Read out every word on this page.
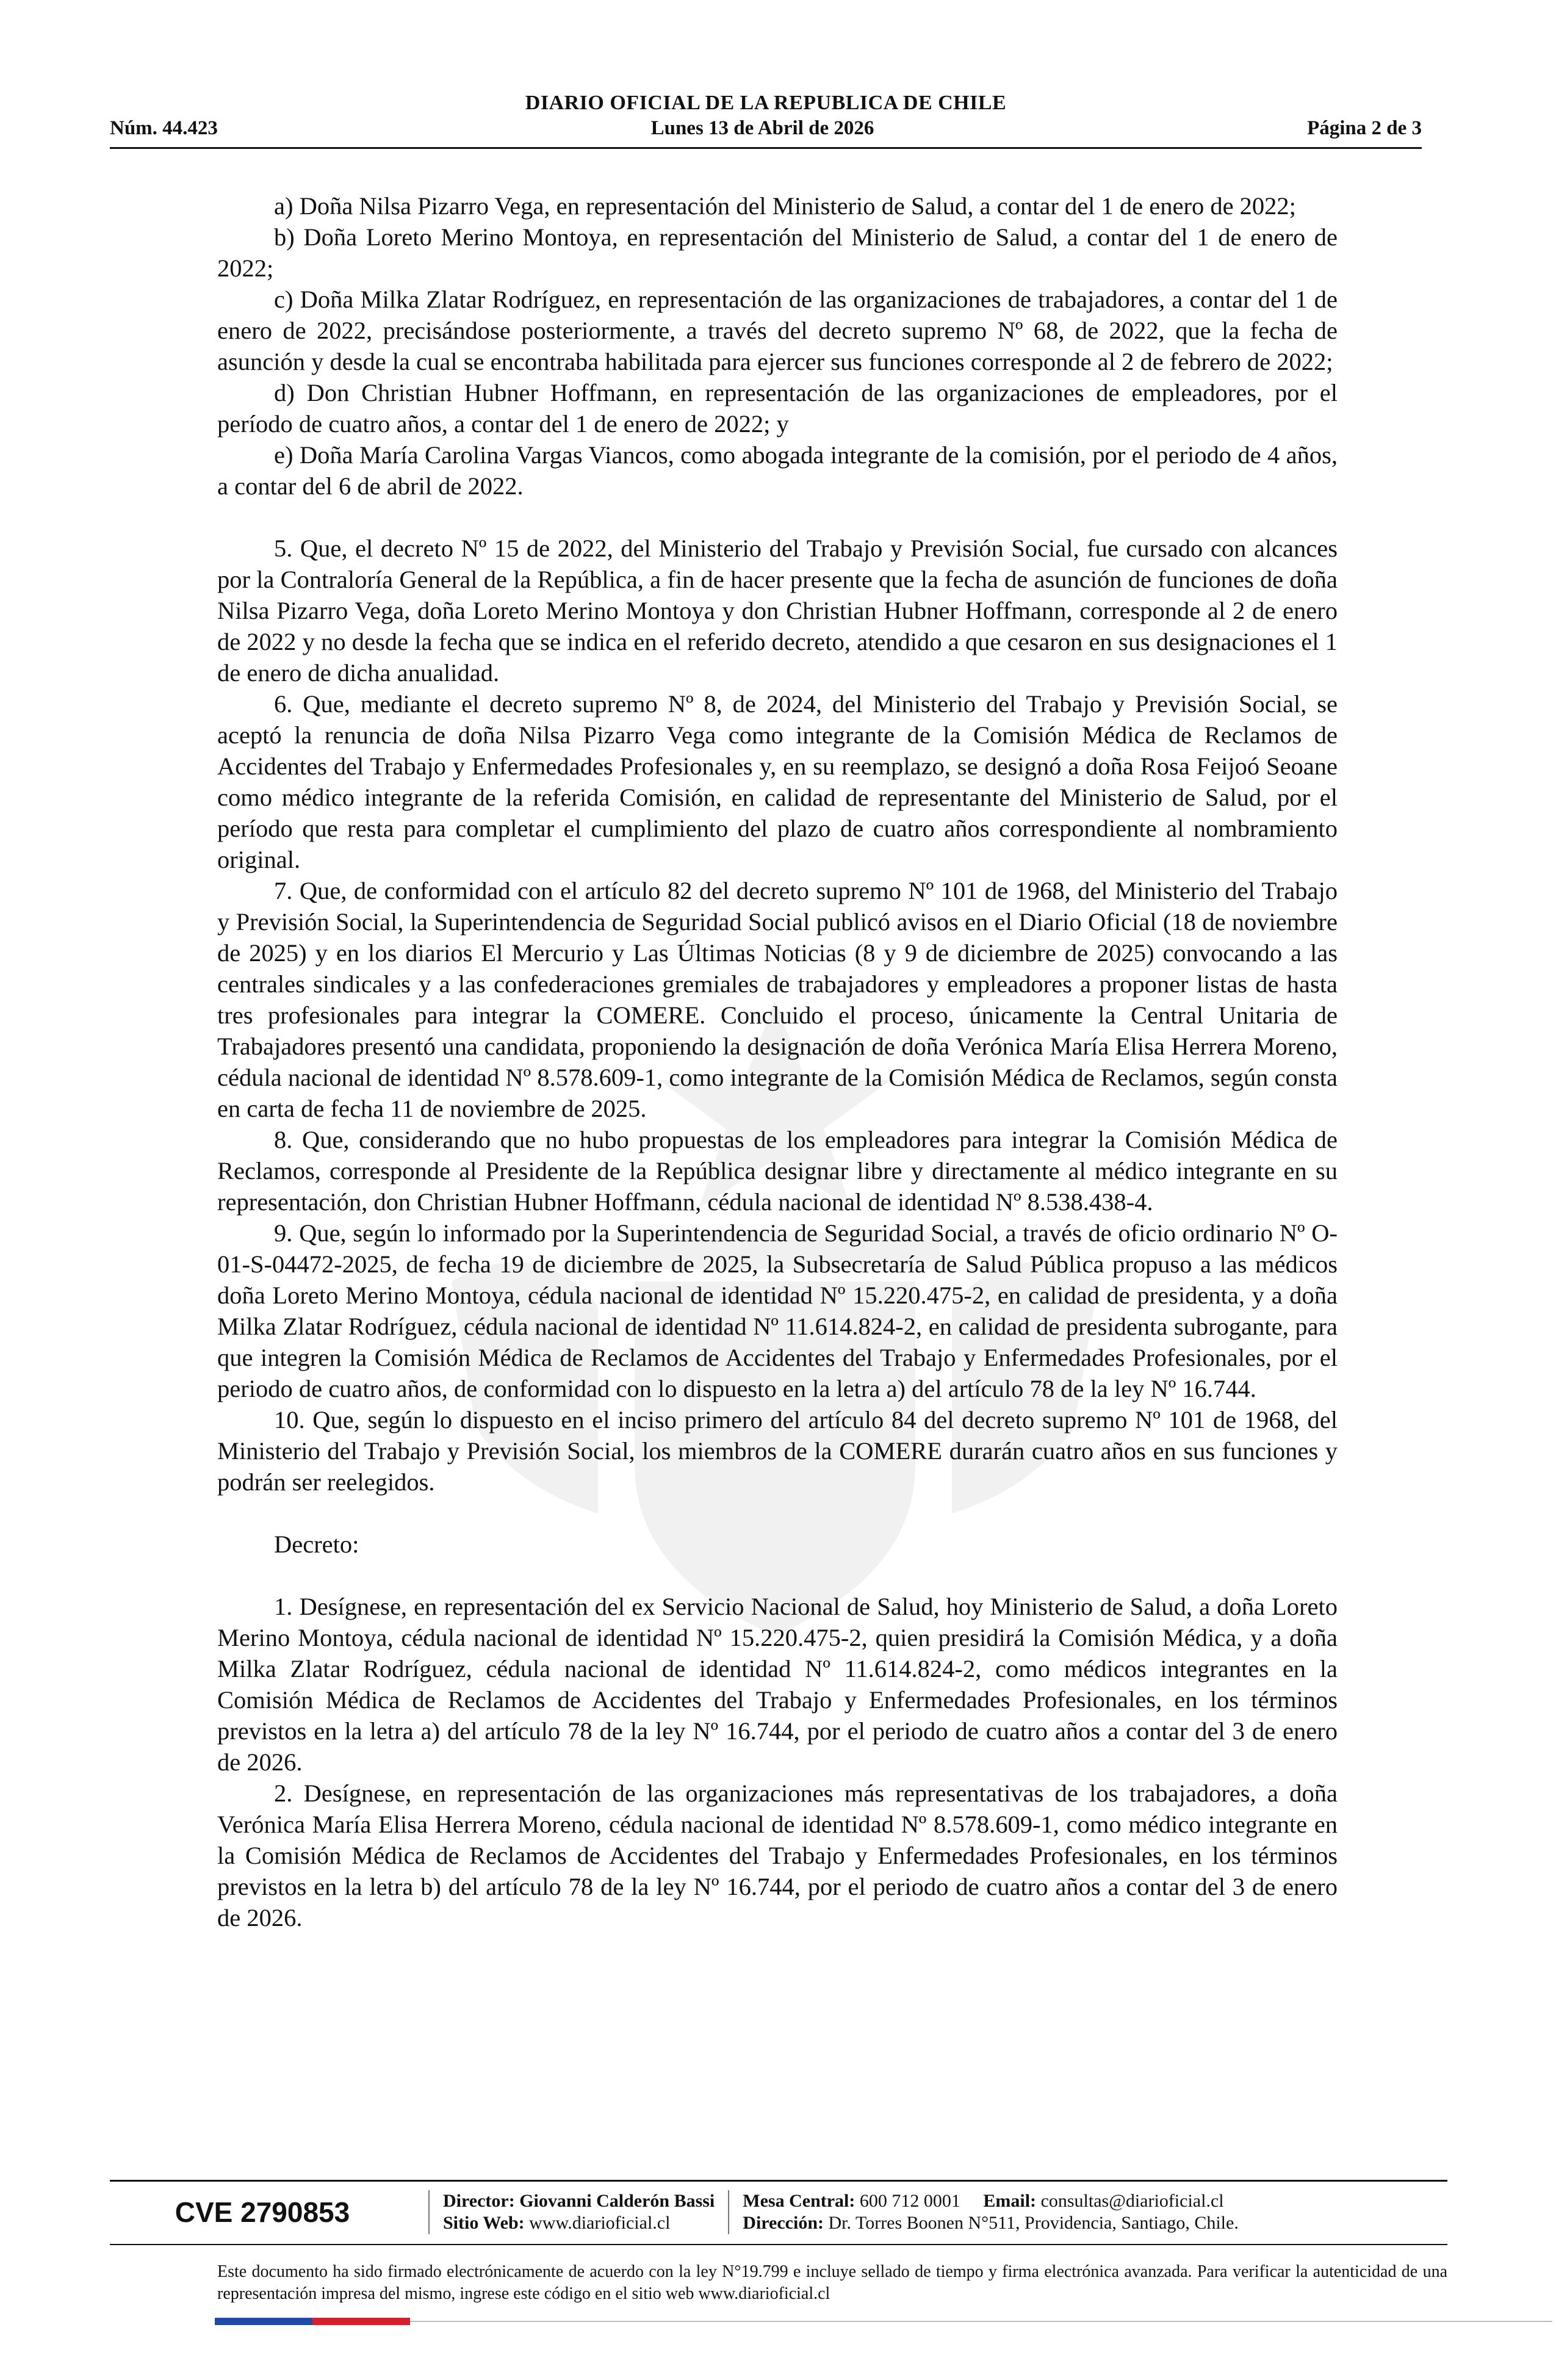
DIARIO OFICIAL DE LA REPUBLICA DE CHILE
Núm. 44.423	Lunes 13 de Abril de 2026	Página 2 de 3

a) Doña Nilsa Pizarro Vega, en representación del Ministerio de Salud, a contar del 1 de enero de 2022;

b) Doña Loreto Merino Montoya, en representación del Ministerio de Salud, a contar del 1 de enero de 2022;

c) Doña Milka Zlatar Rodríguez, en representación de las organizaciones de trabajadores, a contar del 1 de enero de 2022, precisándose posteriormente, a través del decreto supremo Nº 68, de 2022, que la fecha de asunción y desde la cual se encontraba habilitada para ejercer sus funciones corresponde al 2 de febrero de 2022;

d) Don Christian Hubner Hoffmann, en representación de las organizaciones de empleadores, por el período de cuatro años, a contar del 1 de enero de 2022; y

e) Doña María Carolina Vargas Viancos, como abogada integrante de la comisión, por el periodo de 4 años, a contar del 6 de abril de 2022.

5. Que, el decreto Nº 15 de 2022, del Ministerio del Trabajo y Previsión Social, fue cursado con alcances por la Contraloría General de la República, a fin de hacer presente que la fecha de asunción de funciones de doña Nilsa Pizarro Vega, doña Loreto Merino Montoya y don Christian Hubner Hoffmann, corresponde al 2 de enero de 2022 y no desde la fecha que se indica en el referido decreto, atendido a que cesaron en sus designaciones el 1 de enero de dicha anualidad.

6. Que, mediante el decreto supremo Nº 8, de 2024, del Ministerio del Trabajo y Previsión Social, se aceptó la renuncia de doña Nilsa Pizarro Vega como integrante de la Comisión Médica de Reclamos de Accidentes del Trabajo y Enfermedades Profesionales y, en su reemplazo, se designó a doña Rosa Feijoó Seoane como médico integrante de la referida Comisión, en calidad de representante del Ministerio de Salud, por el período que resta para completar el cumplimiento del plazo de cuatro años correspondiente al nombramiento original.

7. Que, de conformidad con el artículo 82 del decreto supremo Nº 101 de 1968, del Ministerio del Trabajo y Previsión Social, la Superintendencia de Seguridad Social publicó avisos en el Diario Oficial (18 de noviembre de 2025) y en los diarios El Mercurio y Las Últimas Noticias (8 y 9 de diciembre de 2025) convocando a las centrales sindicales y a las confederaciones gremiales de trabajadores y empleadores a proponer listas de hasta tres profesionales para integrar la COMERE. Concluido el proceso, únicamente la Central Unitaria de Trabajadores presentó una candidata, proponiendo la designación de doña Verónica María Elisa Herrera Moreno, cédula nacional de identidad Nº 8.578.609-1, como integrante de la Comisión Médica de Reclamos, según consta en carta de fecha 11 de noviembre de 2025.

8. Que, considerando que no hubo propuestas de los empleadores para integrar la Comisión Médica de Reclamos, corresponde al Presidente de la República designar libre y directamente al médico integrante en su representación, don Christian Hubner Hoffmann, cédula nacional de identidad Nº 8.538.438-4.

9. Que, según lo informado por la Superintendencia de Seguridad Social, a través de oficio ordinario Nº O-01-S-04472-2025, de fecha 19 de diciembre de 2025, la Subsecretaría de Salud Pública propuso a las médicos doña Loreto Merino Montoya, cédula nacional de identidad Nº 15.220.475-2, en calidad de presidenta, y a doña Milka Zlatar Rodríguez, cédula nacional de identidad Nº 11.614.824-2, en calidad de presidenta subrogante, para que integren la Comisión Médica de Reclamos de Accidentes del Trabajo y Enfermedades Profesionales, por el periodo de cuatro años, de conformidad con lo dispuesto en la letra a) del artículo 78 de la ley Nº 16.744.

10. Que, según lo dispuesto en el inciso primero del artículo 84 del decreto supremo Nº 101 de 1968, del Ministerio del Trabajo y Previsión Social, los miembros de la COMERE durarán cuatro años en sus funciones y podrán ser reelegidos.

Decreto:

1. Desígnese, en representación del ex Servicio Nacional de Salud, hoy Ministerio de Salud, a doña Loreto Merino Montoya, cédula nacional de identidad Nº 15.220.475-2, quien presidirá la Comisión Médica, y a doña Milka Zlatar Rodríguez, cédula nacional de identidad Nº 11.614.824-2, como médicos integrantes en la Comisión Médica de Reclamos de Accidentes del Trabajo y Enfermedades Profesionales, en los términos previstos en la letra a) del artículo 78 de la ley Nº 16.744, por el periodo de cuatro años a contar del 3 de enero de 2026.

2. Desígnese, en representación de las organizaciones más representativas de los trabajadores, a doña Verónica María Elisa Herrera Moreno, cédula nacional de identidad Nº 8.578.609-1, como médico integrante en la Comisión Médica de Reclamos de Accidentes del Trabajo y Enfermedades Profesionales, en los términos previstos en la letra b) del artículo 78 de la ley Nº 16.744, por el periodo de cuatro años a contar del 3 de enero de 2026.

CVE 2790853	Director: Giovanni Calderón Bassi
Sitio Web: www.diarioficial.cl
Mesa Central: 600 712 0001 Email: consultas@diarioficial.cl
Dirección: Dr. Torres Boonen N°511, Providencia, Santiago, Chile.
Este documento ha sido firmado electrónicamente de acuerdo con la ley N°19.799 e incluye sellado de tiempo y firma electrónica avanzada. Para verificar la autenticidad de una representación impresa del mismo, ingrese este código en el sitio web www.diarioficial.cl
